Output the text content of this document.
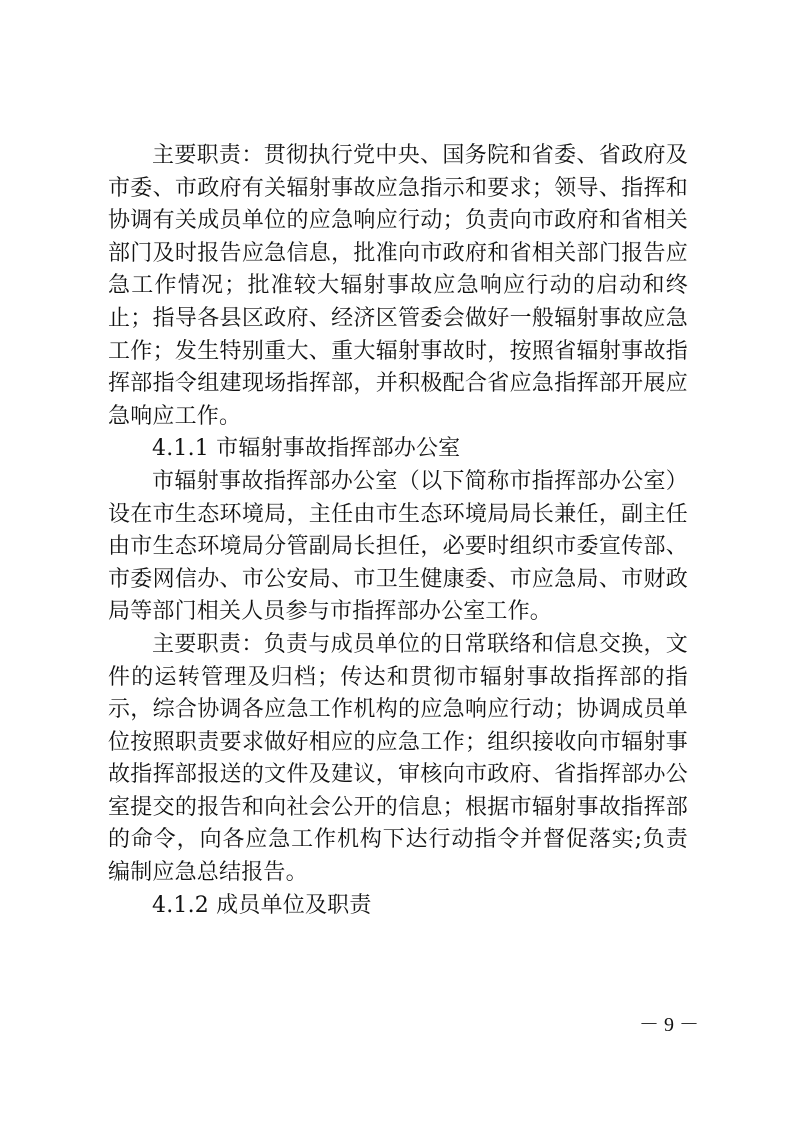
主要职责：贯彻执行党中央、国务院和省委、省政府及市委、市政府有关辐射事故应急指示和要求；领导、指挥和协调有关成员单位的应急响应行动；负责向市政府和省相关部门及时报告应急信息，批准向市政府和省相关部门报告应急工作情况；批准较大辐射事故应急响应行动的启动和终止；指导各县区政府、经济区管委会做好一般辐射事故应急工作；发生特别重大、重大辐射事故时，按照省辐射事故指挥部指令组建现场指挥部，并积极配合省应急指挥部开展应急响应工作。

4.1.1 市辐射事故指挥部办公室

市辐射事故指挥部办公室（以下简称市指挥部办公室）设在市生态环境局，主任由市生态环境局局长兼任，副主任由市生态环境局分管副局长担任，必要时组织市委宣传部、市委网信办、市公安局、市卫生健康委、市应急局、市财政局等部门相关人员参与市指挥部办公室工作。

主要职责：负责与成员单位的日常联络和信息交换，文件的运转管理及归档；传达和贯彻市辐射事故指挥部的指示，综合协调各应急工作机构的应急响应行动；协调成员单位按照职责要求做好相应的应急工作；组织接收向市辐射事故指挥部报送的文件及建议，审核向市政府、省指挥部办公室提交的报告和向社会公开的信息；根据市辐射事故指挥部的命令，向各应急工作机构下达行动指令并督促落实;负责编制应急总结报告。

4.1.2 成员单位及职责

－ 9 －
